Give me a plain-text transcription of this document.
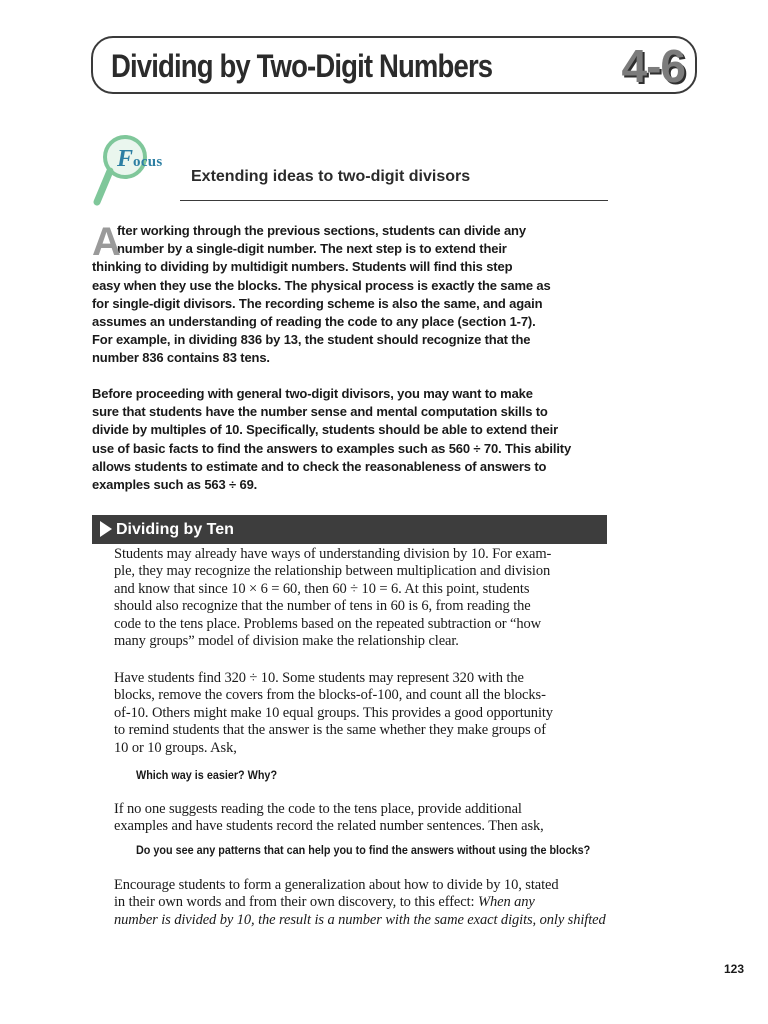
Dividing by Two-Digit Numbers	4-6
Focus
Extending ideas to two-digit divisors
A
fter working through the previous sections, students can divide any
number by a single-digit number. The next step is to extend their
thinking to dividing by multidigit numbers. Students will find this step
easy when they use the blocks. The physical process is exactly the same as
for single-digit divisors. The recording scheme is also the same, and again
assumes an understanding of reading the code to any place (section 1-7).
For example, in dividing 836 by 13, the student should recognize that the
number 836 contains 83 tens.
Before proceeding with general two-digit divisors, you may want to make
sure that students have the number sense and mental computation skills to
divide by multiples of 10. Specifically, students should be able to extend their
use of basic facts to find the answers to examples such as 560 ÷ 70. This ability
allows students to estimate and to check the reasonableness of answers to
examples such as 563 ÷ 69.
Dividing by Ten
Students may already have ways of understanding division by 10. For exam-
ple, they may recognize the relationship between multiplication and division
and know that since 10 × 6 = 60, then 60 ÷ 10 = 6. At this point, students
should also recognize that the number of tens in 60 is 6, from reading the
code to the tens place. Problems based on the repeated subtraction or “how
many groups” model of division make the relationship clear.
Have students find 320 ÷ 10. Some students may represent 320 with the
blocks, remove the covers from the blocks-of-100, and count all the blocks-
of-10. Others might make 10 equal groups. This provides a good opportunity
to remind students that the answer is the same whether they make groups of
10 or 10 groups. Ask,
Which way is easier? Why?
If no one suggests reading the code to the tens place, provide additional
examples and have students record the related number sentences. Then ask,
Do you see any patterns that can help you to find the answers without using the blocks?
Encourage students to form a generalization about how to divide by 10, stated
in their own words and from their own discovery, to this effect: When any
number is divided by 10, the result is a number with the same exact digits, only shifted
123
